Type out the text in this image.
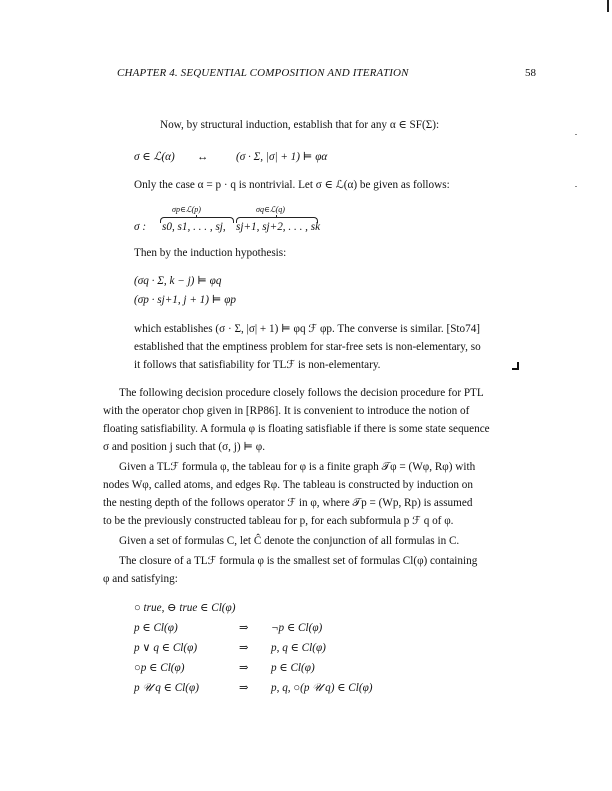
CHAPTER 4. SEQUENTIAL COMPOSITION AND ITERATION	58
Now, by structural induction, establish that for any α ∈ SF(Σ):
σ ∈ ℒ(α) ↔ (σ · Σ, |σ| + 1) ⊨ φα
Only the case α = p · q is nontrivial. Let σ ∈ ℒ(α) be given as follows:
σp∈ℒ(p)	σq∈ℒ(q)
σ : s0, s1, . . . , sj, sj+1, sj+2, . . . , sk
Then by the induction hypothesis:
(σq · Σ, k − j) ⊨ φq
(σp · sj+1, j + 1) ⊨ φp
which establishes (σ · Σ, |σ| + 1) ⊨ φq ℱ φp. The converse is similar. [Sto74]
established that the emptiness problem for star-free sets is non-elementary, so
it follows that satisfiability for TLℱ is non-elementary.
The following decision procedure closely follows the decision procedure for PTL
with the operator chop given in [RP86]. It is convenient to introduce the notion of
floating satisfiability. A formula φ is floating satisfiable if there is some state sequence
σ and position j such that (σ, j) ⊨ φ.
Given a TLℱ formula φ, the tableau for φ is a finite graph 𝒯φ = (Wφ, Rφ) with
nodes Wφ, called atoms, and edges Rφ. The tableau is constructed by induction on
the nesting depth of the follows operator ℱ in φ, where 𝒯p = (Wp, Rp) is assumed
to be the previously constructed tableau for p, for each subformula p ℱ q of φ.
Given a set of formulas C, let Ĉ denote the conjunction of all formulas in C.
The closure of a TLℱ formula φ is the smallest set of formulas Cl(φ) containing
φ and satisfying:
○ true, ⊖ true ∈ Cl(φ)
p ∈ Cl(φ)	⇒ ¬p ∈ Cl(φ)
p ∨ q ∈ Cl(φ)	⇒ p, q ∈ Cl(φ)
○p ∈ Cl(φ)	⇒ p ∈ Cl(φ)
p 𝒰 q ∈ Cl(φ)	⇒ p, q, ○(p 𝒰 q) ∈ Cl(φ)
